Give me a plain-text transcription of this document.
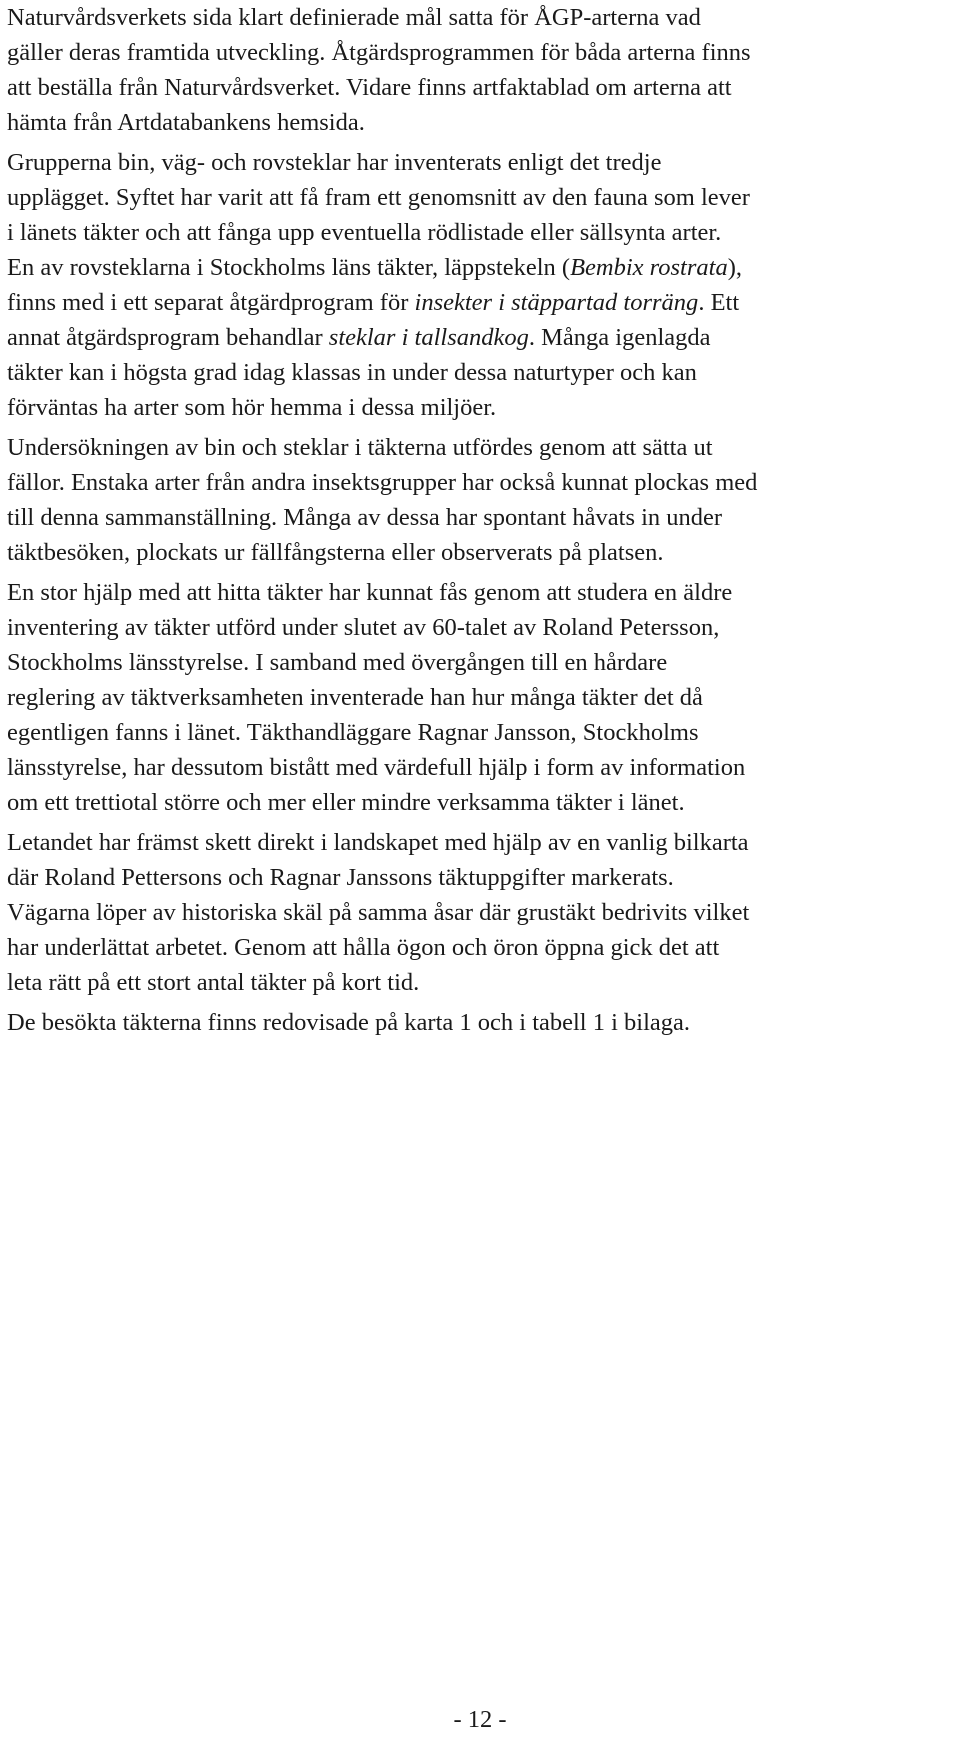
Naturvårdsverkets sida klart definierade mål satta för ÅGP-arterna vad
gäller deras framtida utveckling. Åtgärdsprogrammen för båda arterna finns
att beställa från Naturvårdsverket. Vidare finns artfaktablad om arterna att
hämta från Artdatabankens hemsida.

Grupperna bin, väg- och rovsteklar har inventerats enligt det tredje
upplägget. Syftet har varit att få fram ett genomsnitt av den fauna som lever
i länets täkter och att fånga upp eventuella rödlistade eller sällsynta arter.
En av rovsteklarna i Stockholms läns täkter, läppstekeln (Bembix rostrata),
finns med i ett separat åtgärdprogram för insekter i stäppartad torräng. Ett
annat åtgärdsprogram behandlar steklar i tallsandkog. Många igenlagda
täkter kan i högsta grad idag klassas in under dessa naturtyper och kan
förväntas ha arter som hör hemma i dessa miljöer.

Undersökningen av bin och steklar i täkterna utfördes genom att sätta ut
fällor. Enstaka arter från andra insektsgrupper har också kunnat plockas med
till denna sammanställning. Många av dessa har spontant håvats in under
täktbesöken, plockats ur fällfångsterna eller observerats på platsen.

En stor hjälp med att hitta täkter har kunnat fås genom att studera en äldre
inventering av täkter utförd under slutet av 60-talet av Roland Petersson,
Stockholms länsstyrelse. I samband med övergången till en hårdare
reglering av täktverksamheten inventerade han hur många täkter det då
egentligen fanns i länet. Täkthandläggare Ragnar Jansson, Stockholms
länsstyrelse, har dessutom bistått med värdefull hjälp i form av information
om ett trettiotal större och mer eller mindre verksamma täkter i länet.

Letandet har främst skett direkt i landskapet med hjälp av en vanlig bilkarta
där Roland Pettersons och Ragnar Janssons täktuppgifter markerats.
Vägarna löper av historiska skäl på samma åsar där grustäkt bedrivits vilket
har underlättat arbetet. Genom att hålla ögon och öron öppna gick det att
leta rätt på ett stort antal täkter på kort tid.

De besökta täkterna finns redovisade på karta 1 och i tabell 1 i bilaga.

- 12 -
